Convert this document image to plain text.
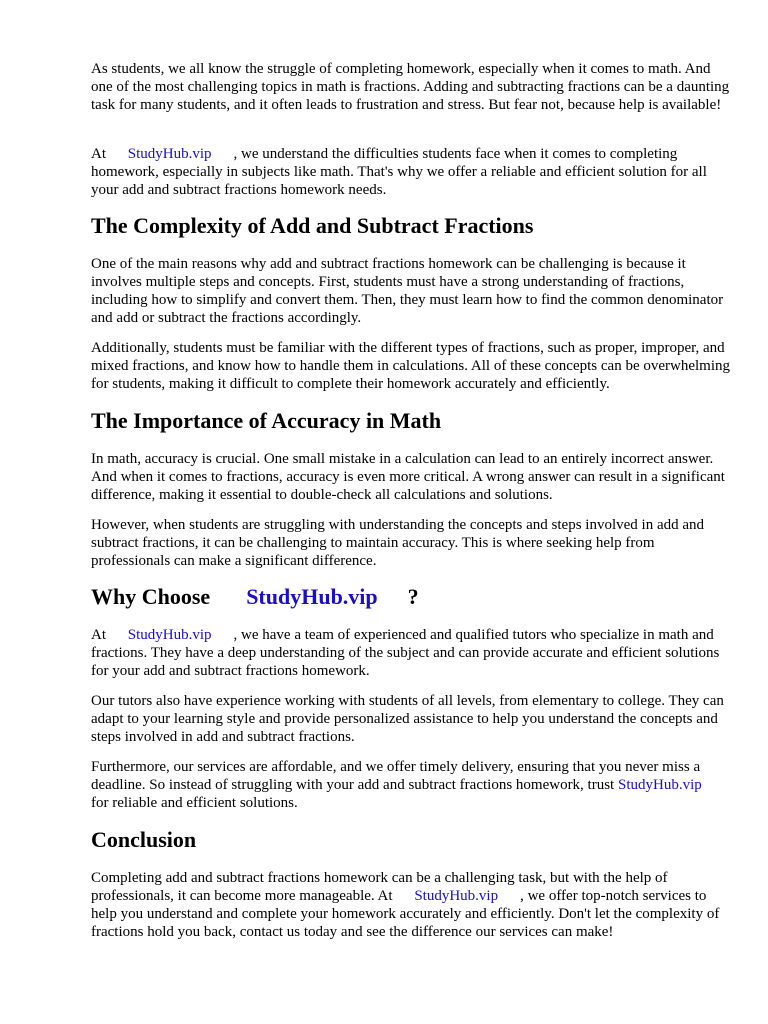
As students, we all know the struggle of completing homework, especially when it comes to math. And one of the most challenging topics in math is fractions. Adding and subtracting fractions can be a daunting task for many students, and it often leads to frustration and stress. But fear not, because help is available!

At StudyHub.vip , we understand the difficulties students face when it comes to completing homework, especially in subjects like math. That's why we offer a reliable and efficient solution for all your add and subtract fractions homework needs.

The Complexity of Add and Subtract Fractions

One of the main reasons why add and subtract fractions homework can be challenging is because it involves multiple steps and concepts. First, students must have a strong understanding of fractions, including how to simplify and convert them. Then, they must learn how to find the common denominator and add or subtract the fractions accordingly.

Additionally, students must be familiar with the different types of fractions, such as proper, improper, and mixed fractions, and know how to handle them in calculations. All of these concepts can be overwhelming for students, making it difficult to complete their homework accurately and efficiently.

The Importance of Accuracy in Math

In math, accuracy is crucial. One small mistake in a calculation can lead to an entirely incorrect answer. And when it comes to fractions, accuracy is even more critical. A wrong answer can result in a significant difference, making it essential to double-check all calculations and solutions.

However, when students are struggling with understanding the concepts and steps involved in add and subtract fractions, it can be challenging to maintain accuracy. This is where seeking help from professionals can make a significant difference.

Why Choose StudyHub.vip ?

At StudyHub.vip , we have a team of experienced and qualified tutors who specialize in math and fractions. They have a deep understanding of the subject and can provide accurate and efficient solutions for your add and subtract fractions homework.

Our tutors also have experience working with students of all levels, from elementary to college. They can adapt to your learning style and provide personalized assistance to help you understand the concepts and steps involved in add and subtract fractions.

Furthermore, our services are affordable, and we offer timely delivery, ensuring that you never miss a deadline. So instead of struggling with your add and subtract fractions homework, trust StudyHub.vipfor reliable and efficient solutions.

Conclusion

Completing add and subtract fractions homework can be a challenging task, but with the help of professionals, it can become more manageable. At StudyHub.vip , we offer top-notch services to help you understand and complete your homework accurately and efficiently. Don't let the complexity of fractions hold you back, contact us today and see the difference our services can make!
